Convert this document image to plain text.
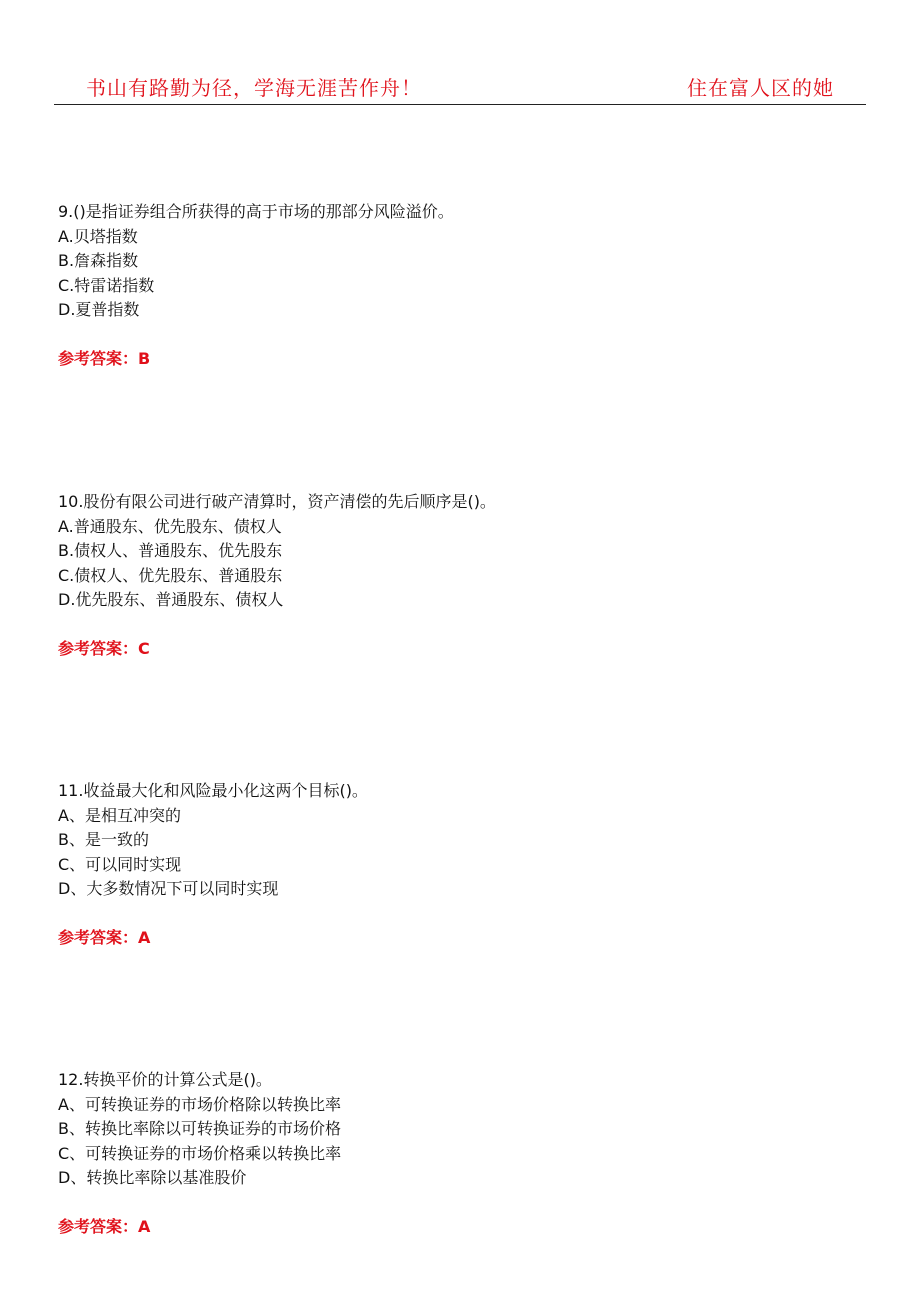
书山有路勤为径，学海无涯苦作舟！	住在富人区的她
9.()是指证券组合所获得的高于市场的那部分风险溢价。
A.贝塔指数
B.詹森指数
C.特雷诺指数
D.夏普指数
参考答案：B
10.股份有限公司进行破产清算时，资产清偿的先后顺序是()。
A.普通股东、优先股东、债权人
B.债权人、普通股东、优先股东
C.债权人、优先股东、普通股东
D.优先股东、普通股东、债权人
参考答案：C
11.收益最大化和风险最小化这两个目标()。
A、是相互冲突的
B、是一致的
C、可以同时实现
D、大多数情况下可以同时实现
参考答案：A
12.转换平价的计算公式是()。
A、可转换证券的市场价格除以转换比率
B、转换比率除以可转换证券的市场价格
C、可转换证券的市场价格乘以转换比率
D、转换比率除以基准股价
参考答案：A
